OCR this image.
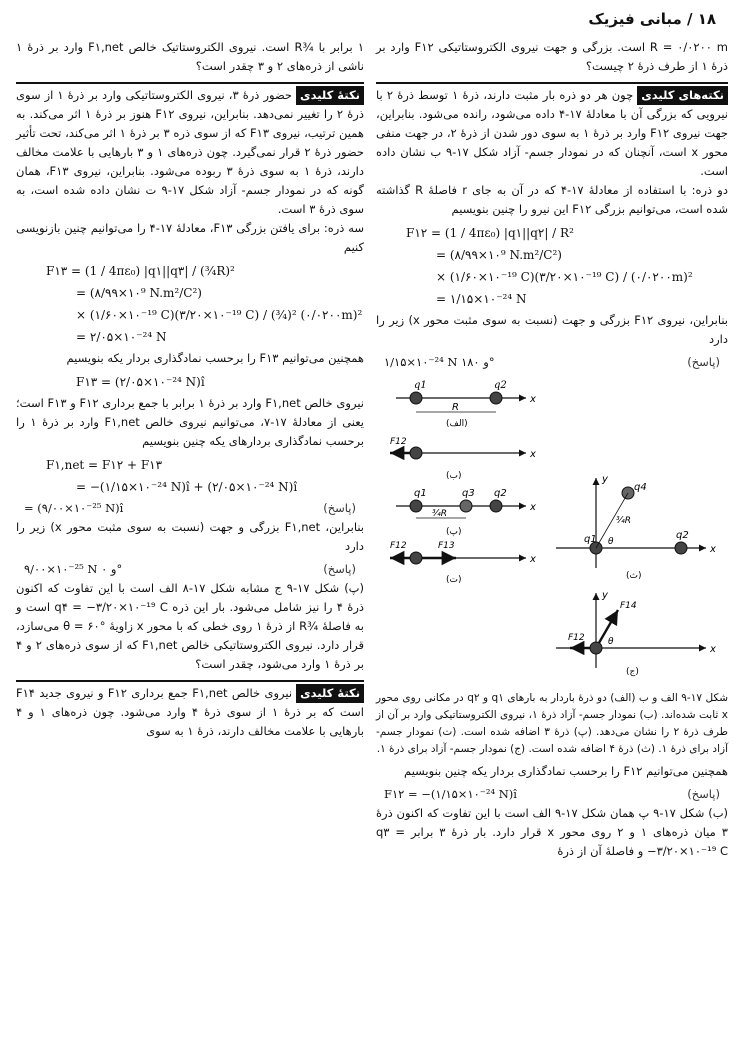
۱۸ / مبانی فیزیک

R = ۰/۰۲۰۰ m است. بزرگی و جهت نیروی الکتروستاتیکی F۱۲ وارد بر ذرهٔ ۱ از طرف ذرهٔ ۲ چیست؟

نکته‌های کلیدیچون هر دو ذره بار مثبت دارند، ذرهٔ ۱ توسط ذرهٔ ۲ با نیرویی که بزرگی آن با معادلهٔ ۱۷-۴ داده می‌شود، رانده می‌شود. بنابراین، جهت نیروی F۱۲ وارد بر ذرهٔ ۱ به سوی دور شدن از ذرهٔ ۲، در جهت منفی محور x است، آنچنان که در نمودار جسم- آزاد شکل ۱۷-۹ ب نشان داده است.

دو ذره: با استفاده از معادلهٔ ۱۷-۴ که در آن به جای r فاصلهٔ R گذاشته شده است، می‌توانیم بزرگی F۱۲ این نیرو را چنین بنویسیم

F۱۲ = (1 / 4πε₀) |q۱||q۲| / R²
= (۸/۹۹×۱۰⁹ N.m²/C²)
× (۱/۶۰×۱۰⁻¹⁹ C)(۳/۲۰×۱۰⁻¹⁹ C) / (۰/۰۲۰۰m)²
= ۱/۱۵×۱۰⁻²⁴ N

بنابراین، نیروی F۱۲ بزرگی و جهت (نسبت به سوی مثبت محور x) زیر را دارد

(پاسخ)
۱/۱۵×۱۰⁻²⁴ N و ۱۸۰°
q1	q2
x
R
(الف)
F12
x
(ب)
q1	q3 q2
x
¾R
(پ)
F12	F13
x
(ت)
q1	q2
q4
¾R
θ
y
x
(ث)
F12
F14
θ
y
x
(ج)

شکل ۱۷-۹ الف و ب (الف) دو ذرهٔ باردار به بارهای q۱ و q۲ در مکانی روی محور x ثابت شده‌اند. (ب) نمودار جسم- آزاد ذرهٔ ۱، نیروی الکتروستاتیکی وارد بر آن از طرف ذرهٔ ۲ را نشان می‌دهد. (پ) ذرهٔ ۳ اضافه شده است. (ت) نمودار جسم- آزاد برای ذرهٔ ۱. (ث) ذرهٔ ۴ اضافه شده است. (ج) نمودار جسم- آزاد برای ذرهٔ ۱.

همچنین می‌توانیم F۱۲ را برحسب نمادگذاری بردار یکه چنین بنویسیم

(پاسخ)
F۱۲ = −(۱/۱۵×۱۰⁻²⁴ N)î

(ب) شکل ۱۷-۹ پ همان شکل ۱۷-۹ الف است با این تفاوت که اکنون ذرهٔ ۳ میان ذره‌های ۱ و ۲ روی محور x قرار دارد. بار ذرهٔ ۳ برابر q۳ = −۳/۲۰×۱۰⁻¹⁹ C و فاصلهٔ آن از ذرهٔ

۱ برابر با ¾R است. نیروی الکتروستاتیک خالص F۱,net وارد بر ذرهٔ ۱ ناشی از ذره‌های ۲ و ۳ چقدر است؟

نکتهٔ کلیدیحضور ذرهٔ ۳، نیروی الکتروستاتیکی وارد بر ذرهٔ ۱ از سوی ذرهٔ ۲ را تغییر نمی‌دهد. بنابراین، نیروی F۱۲ هنوز بر ذرهٔ ۱ اثر می‌کند. به همین ترتیب، نیروی F۱۳ که از سوی ذره ۳ بر ذرهٔ ۱ اثر می‌کند، تحت تأثیر حضور ذرهٔ ۲ قرار نمی‌گیرد. چون ذره‌های ۱ و ۳ بارهایی با علامت مخالف دارند، ذرهٔ ۱ به سوی ذرهٔ ۳ ربوده می‌شود. بنابراین، نیروی F۱۳، همان گونه که در نمودار جسم- آزاد شکل ۱۷-۹ ت نشان داده شده است، به سوی ذرهٔ ۳ است.

سه ذره: برای یافتن بزرگی F۱۳، معادلهٔ ۱۷-۴ را می‌توانیم چنین بازنویسی کنیم

F۱۳ = (1 / 4πε₀) |q۱||q۳| / (¾R)²
= (۸/۹۹×۱۰⁹ N.m²/C²)
× (۱/۶۰×۱۰⁻¹⁹ C)(۳/۲۰×۱۰⁻¹⁹ C) / (¾)² (۰/۰۲۰۰m)²
= ۲/۰۵×۱۰⁻²⁴ N

همچنین می‌توانیم F۱۳ را برحسب نمادگذاری بردار یکه بنویسیم

F۱۳ = (۲/۰۵×۱۰⁻²⁴ N)î

نیروی خالص F۱,net وارد بر ذرهٔ ۱ برابر با جمع برداری F۱۲ و F۱۳ است؛ یعنی از معادلهٔ ۱۷-۷، می‌توانیم نیروی خالص F۱,net وارد بر ذرهٔ ۱ را برحسب نمادگذاری بردارهای یکه چنین بنویسیم

F۱,net = F۱۲ + F۱۳
= −(۱/۱۵×۱۰⁻²⁴ N)î + (۲/۰۵×۱۰⁻²⁴ N)î
(پاسخ)
= (۹/۰۰×۱۰⁻²⁵ N)î

بنابراین، F۱,net بزرگی و جهت (نسبت به سوی مثبت محور x) زیر را دارد

(پاسخ)
۹/۰۰×۱۰⁻²⁵ N و ۰°

(پ) شکل ۱۷-۹ ج مشابه شکل ۱۷-۸ الف است با این تفاوت که اکنون ذرهٔ ۴ را نیز شامل می‌شود. بار این ذره q۴ = −۳/۲۰×۱۰⁻¹⁹ C است و به فاصلهٔ ¾R از ذرهٔ ۱ روی خطی که با محور x زاویهٔ θ = ۶۰° می‌سازد، قرار دارد. نیروی الکتروستاتیکی خالص F۱,net که از سوی ذره‌های ۲ و ۴ بر ذرهٔ ۱ وارد می‌شود، چقدر است؟

نکتهٔ کلیدینیروی خالص F۱,net جمع برداری F۱۲ و نیروی جدید F۱۴ است که بر ذرهٔ ۱ از سوی ذرهٔ ۴ وارد می‌شود. چون ذره‌های ۱ و ۴ بارهایی با علامت مخالف دارند، ذرهٔ ۱ به سوی
